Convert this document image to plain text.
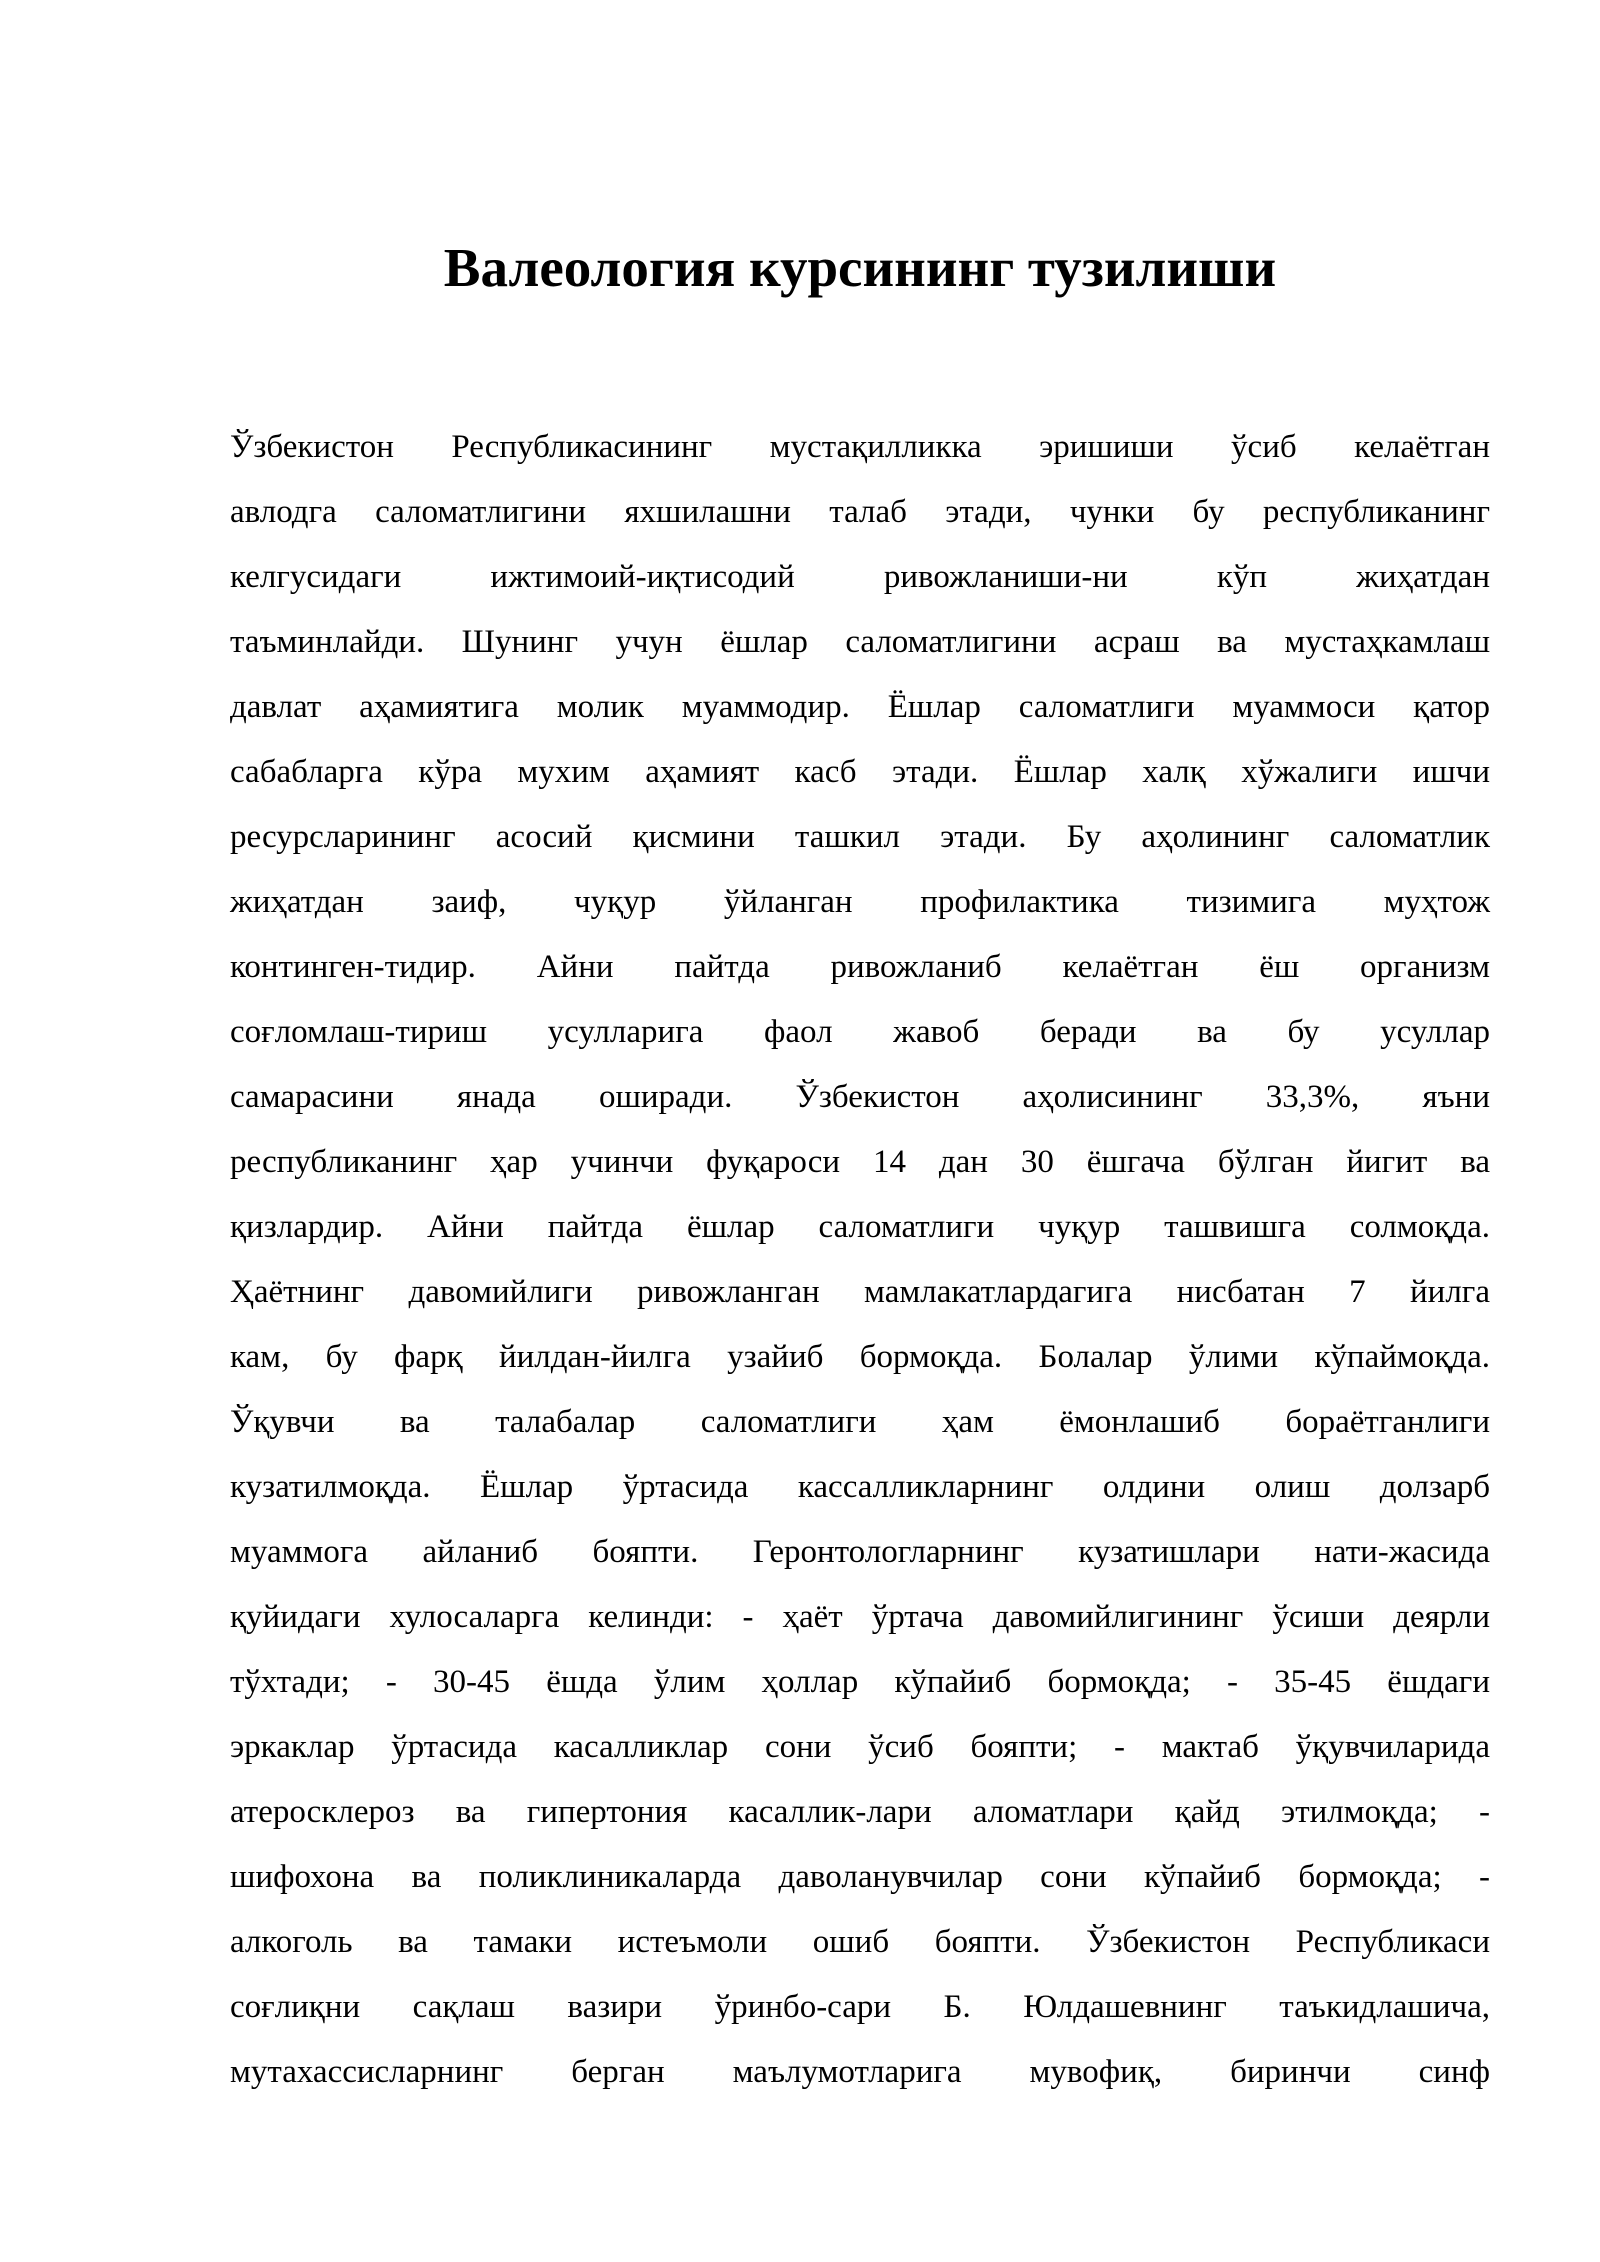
Валеология курсининг тузилиши
Ўзбекистон Республикасининг мустақилликка эришиши ўсиб келаётган
авлодга саломатлигини яхшилашни талаб этади, чунки бу республиканинг
келгусидаги ижтимоий-иқтисодий ривожланиши-ни кўп жиҳатдан
таъминлайди. Шунинг учун ёшлар саломатлигини асраш ва мустаҳкамлаш
давлат аҳамиятига молик муаммодир. Ёшлар саломатлиги муаммоси қатор
сабабларга кўра мухим аҳамият касб этади. Ёшлар халқ хўжалиги ишчи
ресурсларининг асосий қисмини ташкил этади. Бу аҳолининг саломатлик
жиҳатдан заиф, чуқур ўйланган профилактика тизимига муҳтож
континген-тидир. Айни пайтда ривожланиб келаётган ёш организм
соғломлаш-тириш усулларига фаол жавоб беради ва бу усуллар
самарасини янада оширади. Ўзбекистон аҳолисининг 33,3%, яъни
республиканинг ҳар учинчи фуқароси 14 дан 30 ёшгача бўлган йигит ва
қизлардир. Айни пайтда ёшлар саломатлиги чуқур ташвишга солмоқда.
Ҳаётнинг давомийлиги ривожланган мамлакатлардагига нисбатан 7 йилга
кам, бу фарқ йилдан-йилга узайиб бормоқда. Болалар ўлими кўпаймоқда.
Ўқувчи ва талабалар саломатлиги ҳам ёмонлашиб бораётганлиги
кузатилмоқда. Ёшлар ўртасида кассалликларнинг олдини олиш долзарб
муаммога айланиб бояпти. Геронтологларнинг кузатишлари нати-жасида
қуйидаги хулосаларга келинди: - ҳаёт ўртача давомийлигининг ўсиши деярли
тўхтади; - 30-45 ёшда ўлим ҳоллар кўпайиб бормоқда; - 35-45 ёшдаги
эркаклар ўртасида касалликлар сони ўсиб бояпти; - мактаб ўқувчиларида
атеросклероз ва гипертония касаллик-лари аломатлари қайд этилмоқда; -
шифохона ва поликлиникаларда даволанувчилар сони кўпайиб бормоқда; -
алкоголь ва тамаки истеъмоли ошиб бояпти. Ўзбекистон Республикаси
соғлиқни сақлаш вазири ўринбо-сари Б. Юлдашевнинг таъкидлашича,
мутахассисларнинг берган маълумотларига мувофиқ, биринчи синф
